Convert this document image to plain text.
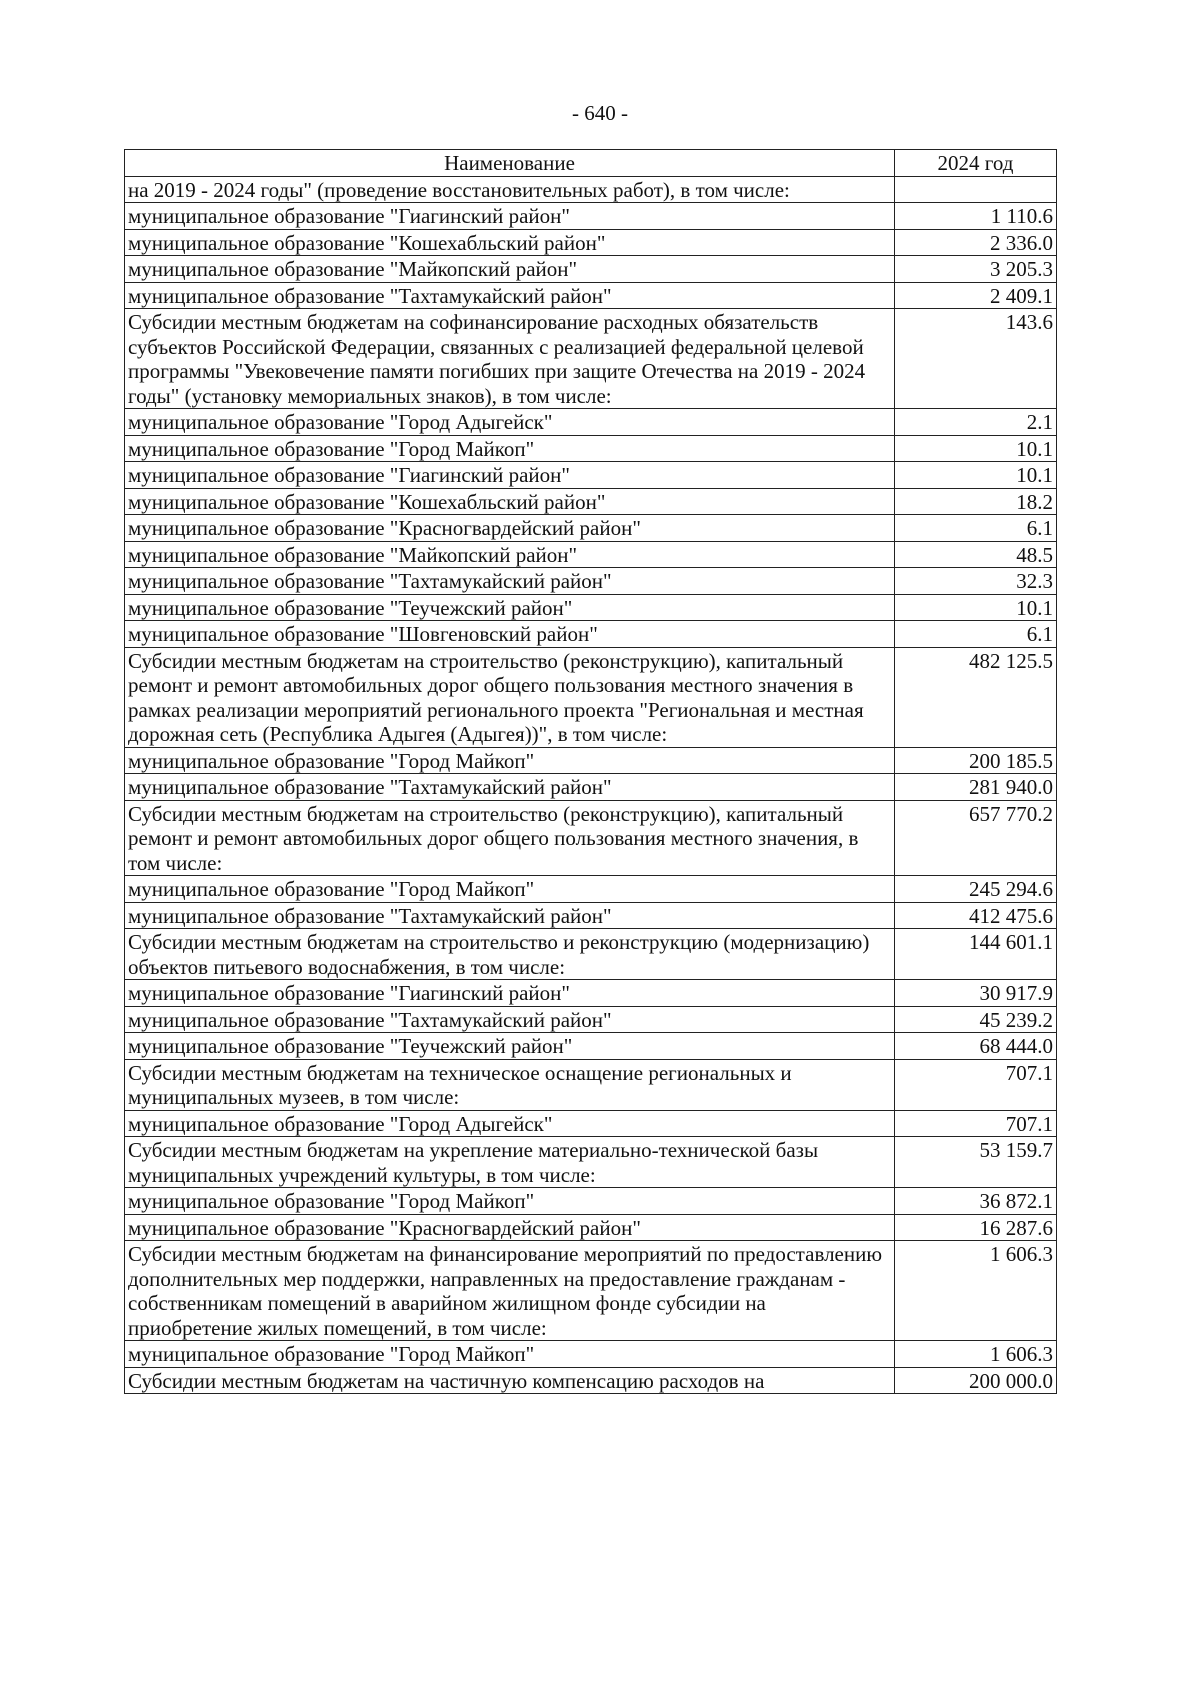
- 640 -
Наименование	2024 год
на 2019 - 2024 годы" (проведение восстановительных работ), в том числе:	
муниципальное образование "Гиагинский район"	1 110.6
муниципальное образование "Кошехабльский район"	2 336.0
муниципальное образование "Майкопский район"	3 205.3
муниципальное образование "Тахтамукайский район"	2 409.1
Субсидии местным бюджетам на софинансирование расходных обязательств субъектов Российской Федерации, связанных с реализацией федеральной целевой программы "Увековечение памяти погибших при защите Отечества на 2019 - 2024 годы" (установку мемориальных знаков), в том числе:	143.6
муниципальное образование "Город Адыгейск"	2.1
муниципальное образование "Город Майкоп"	10.1
муниципальное образование "Гиагинский район"	10.1
муниципальное образование "Кошехабльский район"	18.2
муниципальное образование "Красногвардейский район"	6.1
муниципальное образование "Майкопский район"	48.5
муниципальное образование "Тахтамукайский район"	32.3
муниципальное образование "Теучежский район"	10.1
муниципальное образование "Шовгеновский район"	6.1
Субсидии местным бюджетам на строительство (реконструкцию), капитальный ремонт и ремонт автомобильных дорог общего пользования местного значения в рамках реализации мероприятий регионального проекта "Региональная и местная дорожная сеть (Республика Адыгея (Адыгея))", в том числе:	482 125.5
муниципальное образование "Город Майкоп"	200 185.5
муниципальное образование "Тахтамукайский район"	281 940.0
Субсидии местным бюджетам на строительство (реконструкцию), капитальный ремонт и ремонт автомобильных дорог общего пользования местного значения, в том числе:	657 770.2
муниципальное образование "Город Майкоп"	245 294.6
муниципальное образование "Тахтамукайский район"	412 475.6
Субсидии местным бюджетам на строительство и реконструкцию (модернизацию) объектов питьевого водоснабжения, в том числе:	144 601.1
муниципальное образование "Гиагинский район"	30 917.9
муниципальное образование "Тахтамукайский район"	45 239.2
муниципальное образование "Теучежский район"	68 444.0
Субсидии местным бюджетам на техническое оснащение региональных и муниципальных музеев, в том числе:	707.1
муниципальное образование "Город Адыгейск"	707.1
Субсидии местным бюджетам на укрепление материально-технической базы муниципальных учреждений культуры, в том числе:	53 159.7
муниципальное образование "Город Майкоп"	36 872.1
муниципальное образование "Красногвардейский район"	16 287.6
Субсидии местным бюджетам на финансирование мероприятий по предоставлению дополнительных мер поддержки, направленных на предоставление гражданам - собственникам помещений в аварийном жилищном фонде субсидии на приобретение жилых помещений, в том числе:	1 606.3
муниципальное образование "Город Майкоп"	1 606.3
Субсидии местным бюджетам на частичную компенсацию расходов на	200 000.0
